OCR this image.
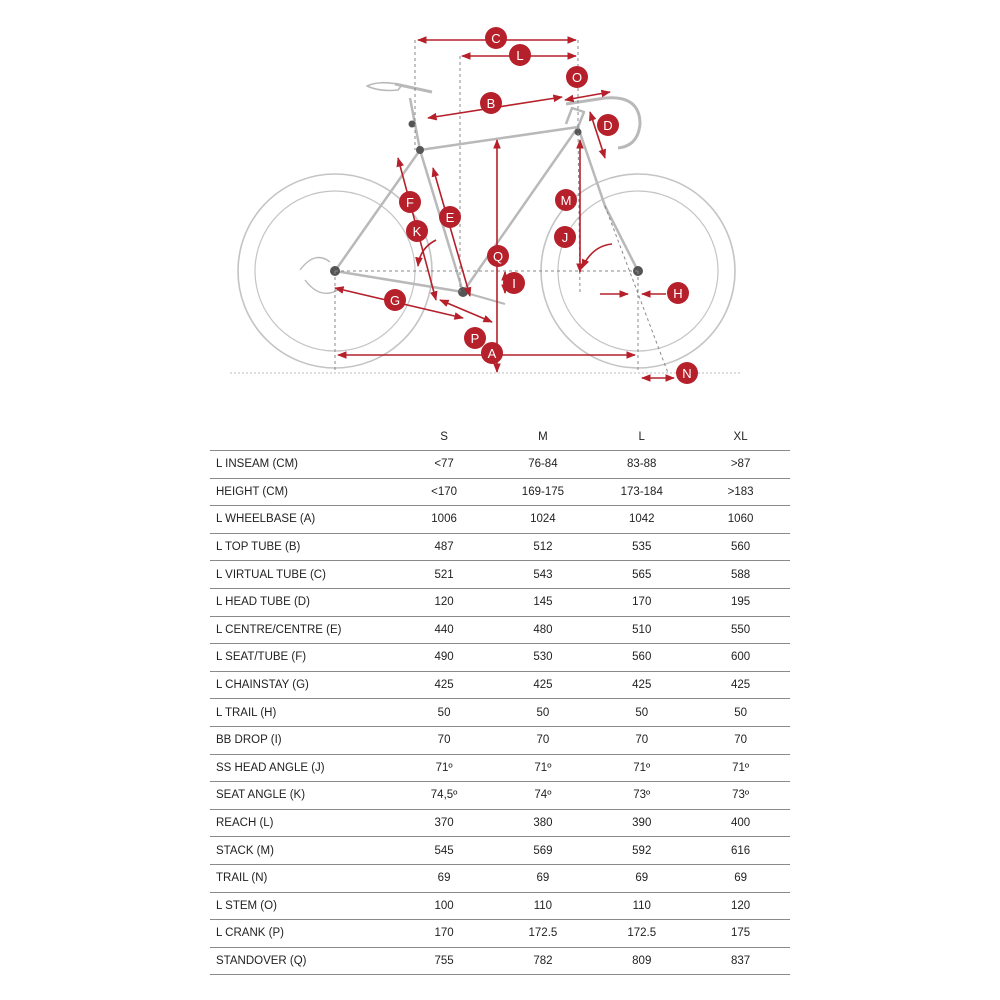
A
B
C
D
E
F
G	H
I
J
K
L
M
N
O
P
Q
	S	M	L	XL
L INSEAM (CM)	<77	76-84	83-88	>87
HEIGHT (CM)	<170	169-175	173-184	>183
L WHEELBASE (A)	1006	1024	1042	1060
L TOP TUBE (B)	487	512	535	560
L VIRTUAL TUBE (C)	521	543	565	588
L HEAD TUBE (D)	120	145	170	195
L CENTRE/CENTRE (E)	440	480	510	550
L SEAT/TUBE (F)	490	530	560	600
L CHAINSTAY (G)	425	425	425	425
L TRAIL (H)	50	50	50	50
BB DROP (I)	70	70	70	70
SS HEAD ANGLE (J)	71º	71º	71º	71º
SEAT ANGLE (K)	74,5º	74º	73º	73º
REACH (L)	370	380	390	400
STACK (M)	545	569	592	616
TRAIL (N)	69	69	69	69
L STEM (O)	100	110	110	120
L CRANK (P)	170	172.5	172.5	175
STANDOVER (Q)	755	782	809	837
